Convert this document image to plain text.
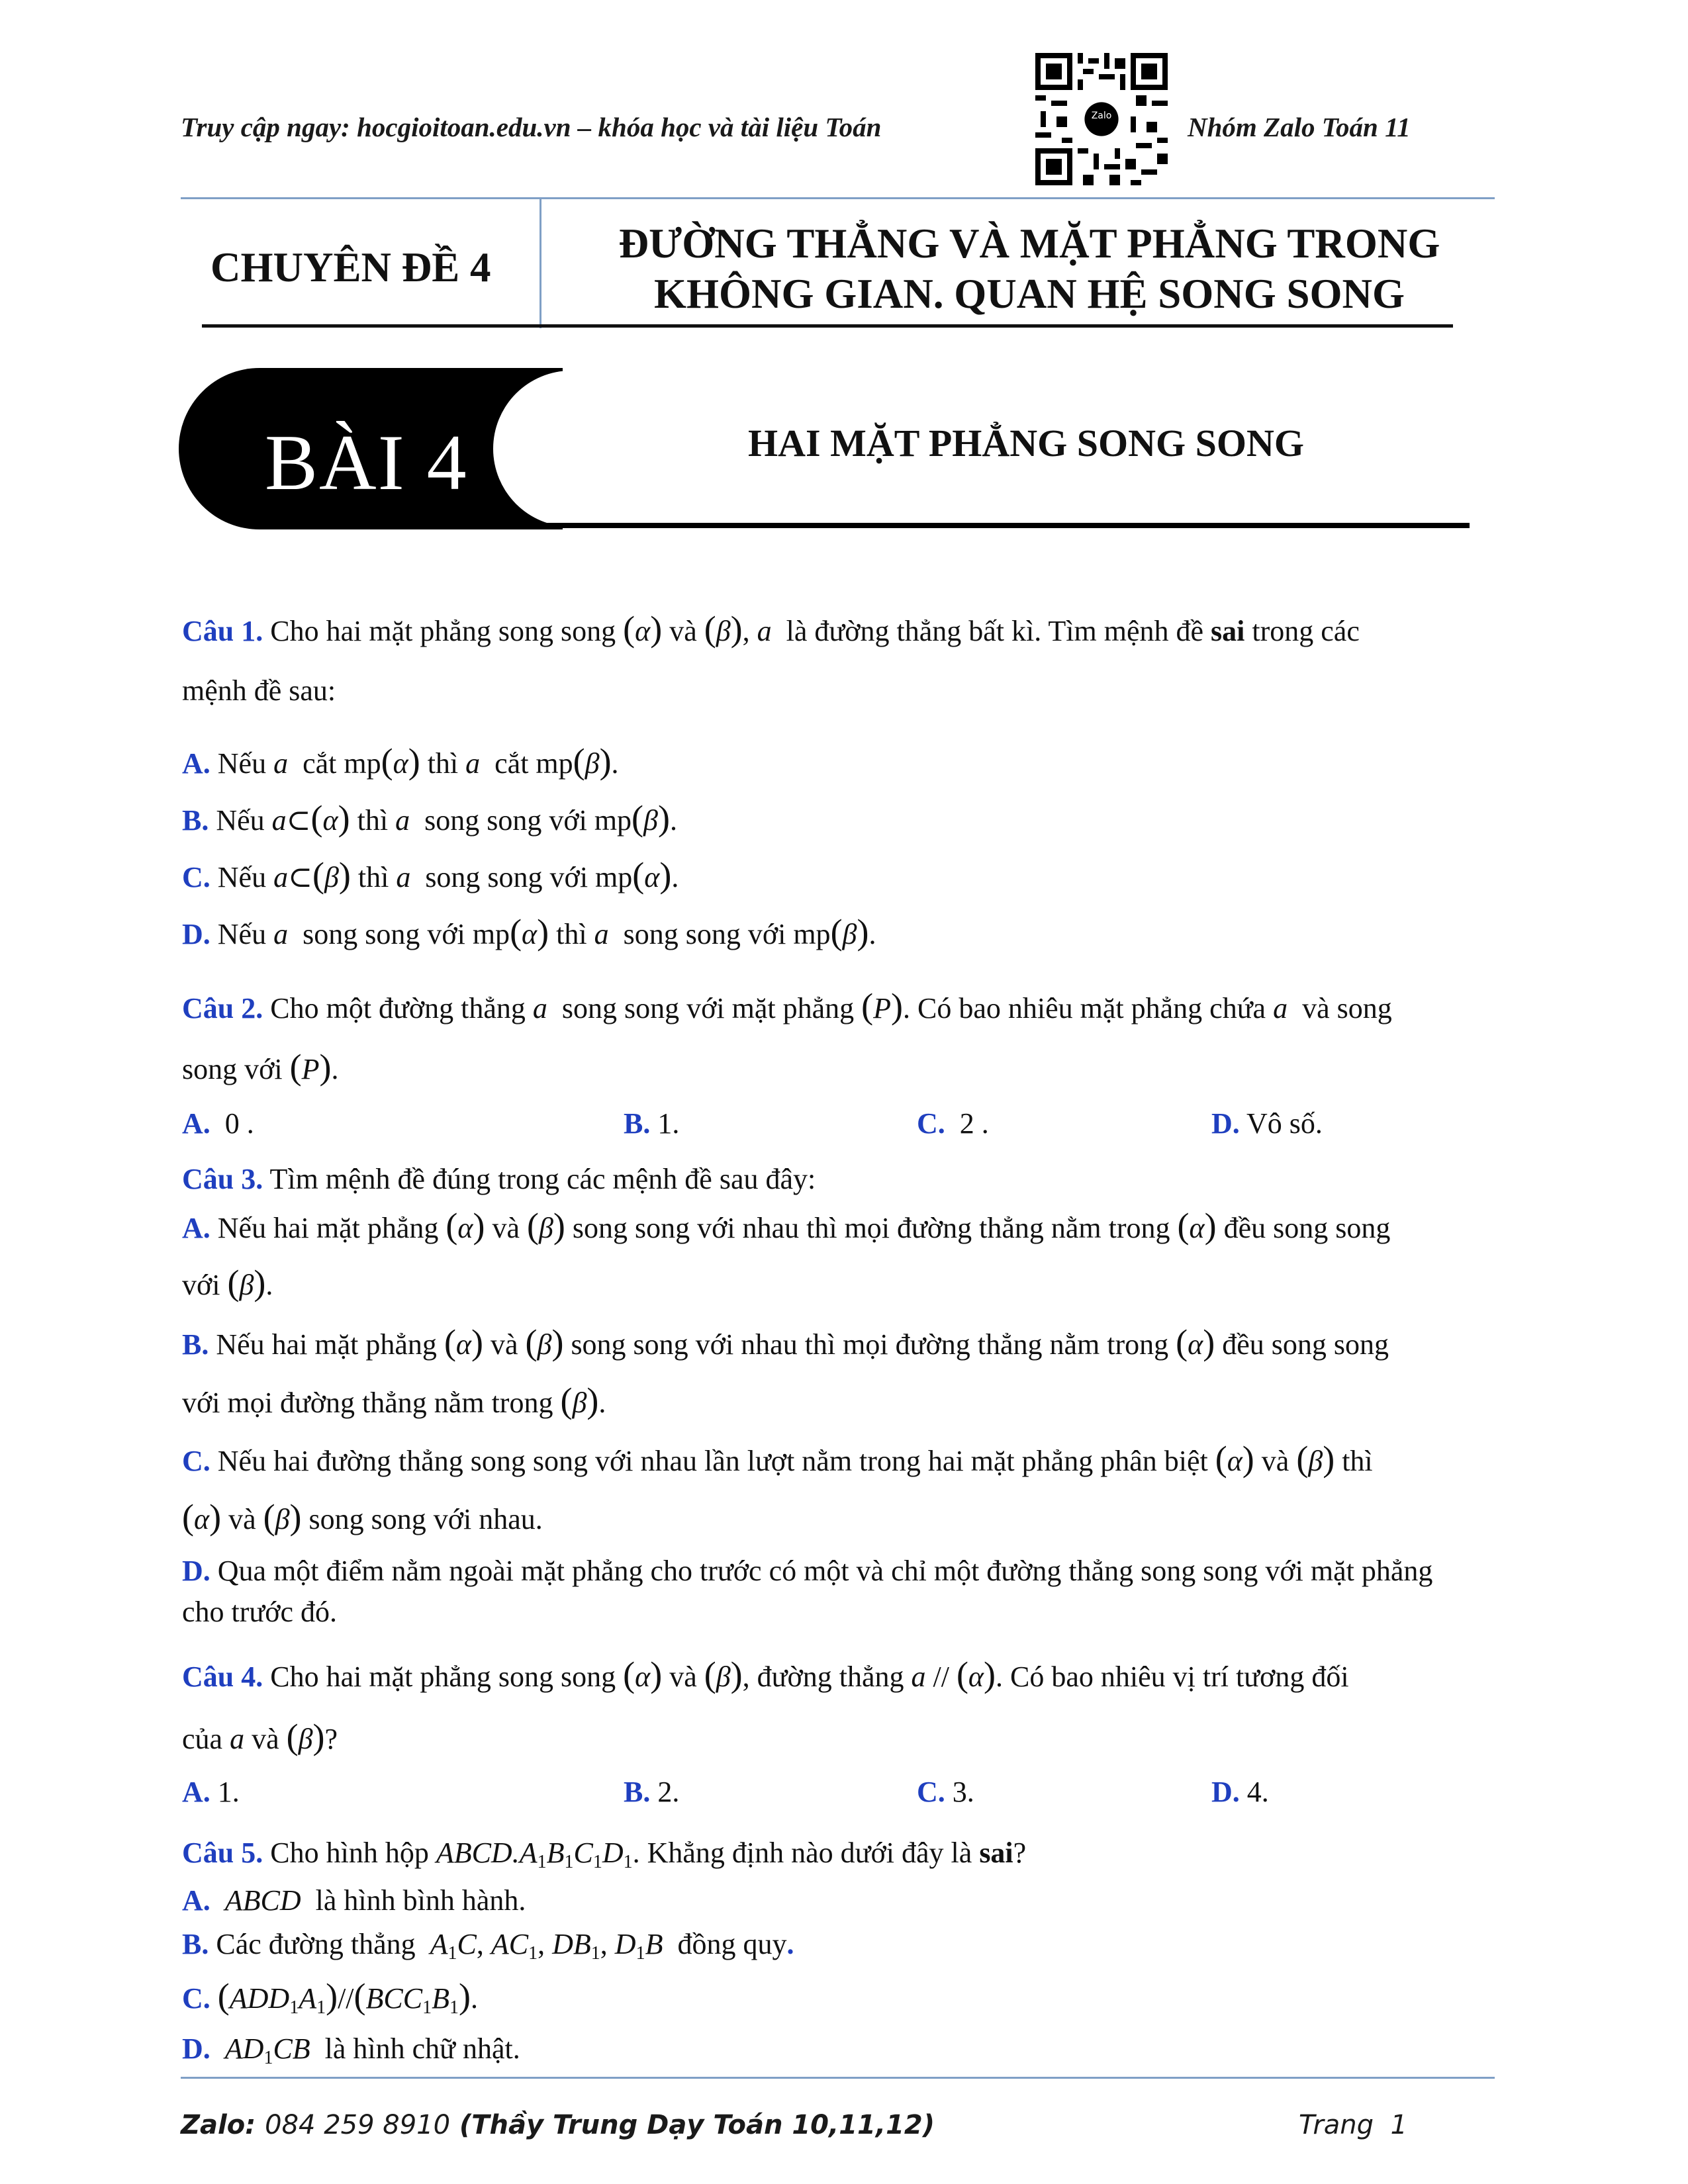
Truy cập ngay: hocgioitoan.edu.vn – khóa học và tài liệu Toán	Zalo	Nhóm Zalo Toán 11
CHUYÊN ĐỀ 4
ĐƯỜNG THẲNG VÀ MẶT PHẲNG TRONG
KHÔNG GIAN. QUAN HỆ SONG SONG
BÀI 4	HAI MẶT PHẲNG SONG SONG
Câu 1. Cho hai mặt phẳng song song (α) và (β), a là đường thẳng bất kì. Tìm mệnh đề sai trong các
mệnh đề sau:
A. Nếu a cắt mp(α) thì a cắt mp(β).
B. Nếu a⊂(α) thì a song song với mp(β).
C. Nếu a⊂(β) thì a song song với mp(α).
D. Nếu a song song với mp(α) thì a song song với mp(β).
Câu 2. Cho một đường thẳng a song song với mặt phẳng (P). Có bao nhiêu mặt phẳng chứa a và song
song với (P).
A. 0 .	B. 1.	C. 2 .	D. Vô số.
Câu 3. Tìm mệnh đề đúng trong các mệnh đề sau đây:
A. Nếu hai mặt phẳng (α) và (β) song song với nhau thì mọi đường thẳng nằm trong (α) đều song song
với (β).
B. Nếu hai mặt phẳng (α) và (β) song song với nhau thì mọi đường thẳng nằm trong (α) đều song song
với mọi đường thẳng nằm trong (β).
C. Nếu hai đường thẳng song song với nhau lần lượt nằm trong hai mặt phẳng phân biệt (α) và (β) thì
(α) và (β) song song với nhau.
D. Qua một điểm nằm ngoài mặt phẳng cho trước có một và chỉ một đường thẳng song song với mặt phẳng
cho trước đó.
Câu 4. Cho hai mặt phẳng song song (α) và (β), đường thẳng a // (α). Có bao nhiêu vị trí tương đối
của a và (β)?
A. 1.	B. 2.	C. 3.	D. 4.
Câu 5. Cho hình hộp $ABCD.A_1B_1C_1D_1$. Khẳng định nào dưới đây là sai?
A. ABCD là hình bình hành.
B. Các đường thẳng $A_1C$, $AC_1$, $DB_1$, $D_1B$ đồng quy.
C. $(ADD_1A_1)//(BCC_1B_1)$.
D. $AD_1CB$ là hình chữ nhật.
Zalo: 084 259 8910 (Thầy Trung Dạy Toán 10,11,12)	Trang  1
